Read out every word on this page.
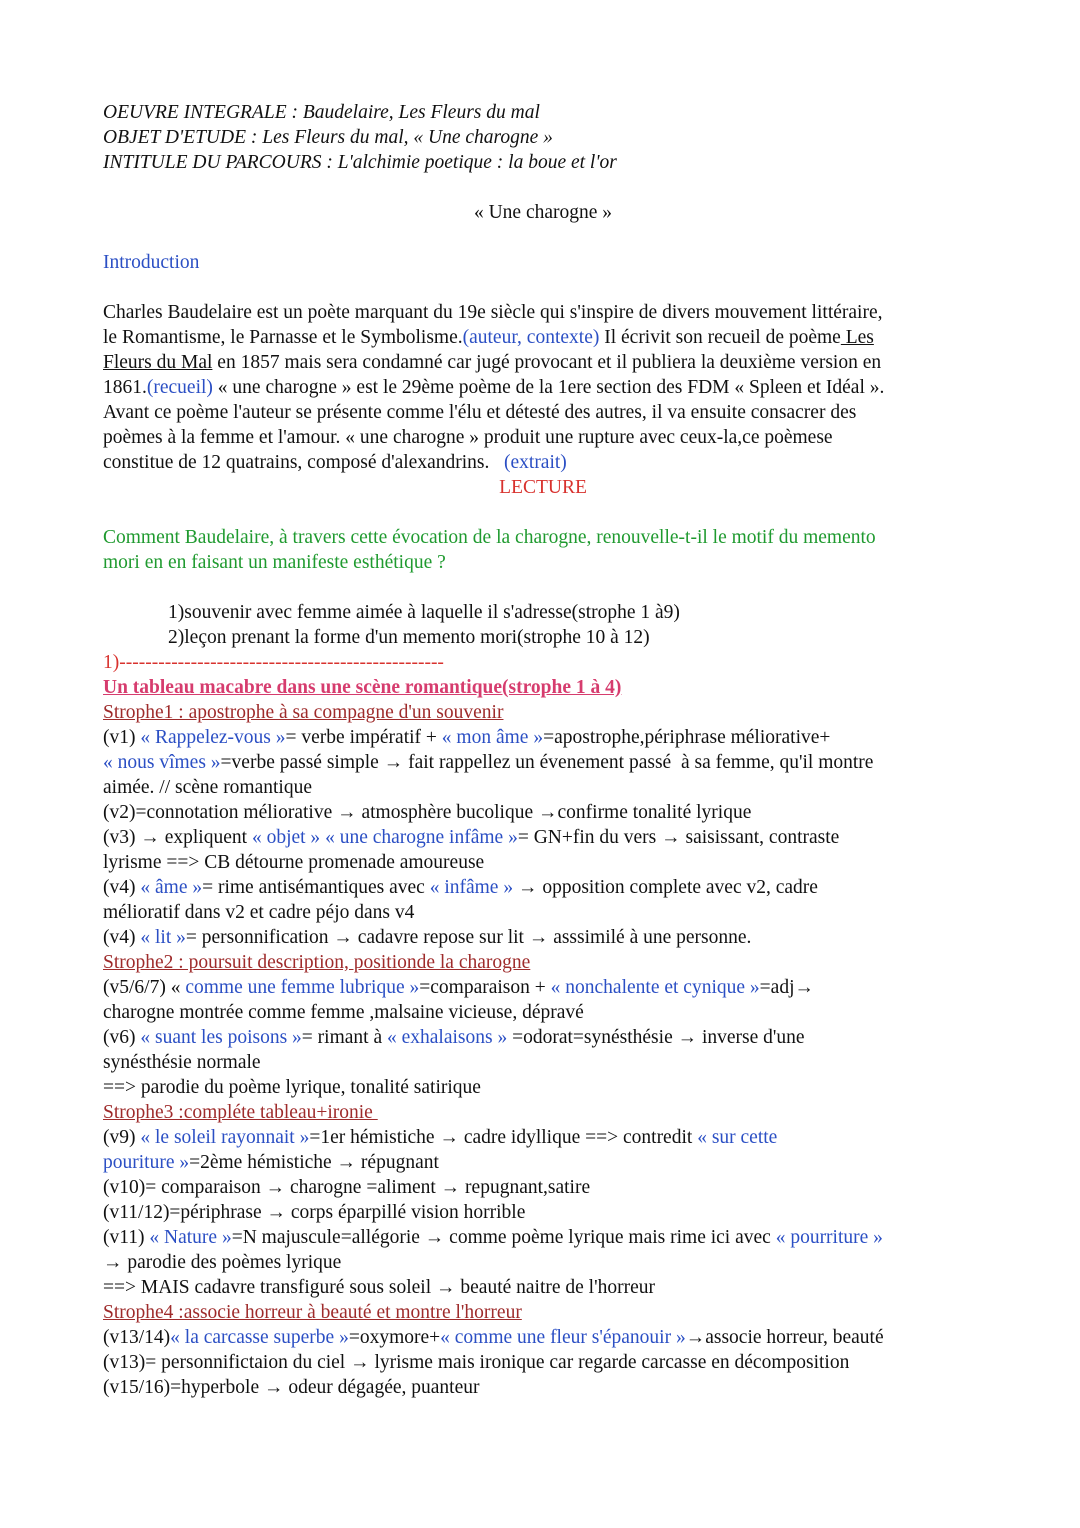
OEUVRE INTEGRALE : Baudelaire, Les Fleurs du mal

OBJET D'ETUDE : Les Fleurs du mal, « Une charogne »

INTITULE DU PARCOURS : L'alchimie poetique : la boue et l'or

« Une charogne »

Introduction

Charles Baudelaire est un poète marquant du 19e siècle qui s'inspire de divers mouvement littéraire,

le Romantisme, le Parnasse et le Symbolisme.(auteur, contexte) Il écrivit son recueil de poème Les

Fleurs du Mal en 1857 mais sera condamné car jugé provocant et il publiera la deuxième version en

1861.(recueil) « une charogne » est le 29ème poème de la 1ere section des FDM « Spleen et Idéal ».

Avant ce poème l'auteur se présente comme l'élu et détesté des autres, il va ensuite consacrer des

poèmes à la femme et l'amour. « une charogne » produit une rupture avec ceux-la,ce poèmese

constitue de 12 quatrains, composé d'alexandrins.   (extrait)

LECTURE

Comment Baudelaire, à travers cette évocation de la charogne, renouvelle-t-il le motif du memento

mori en en faisant un manifeste esthétique ?

1)souvenir avec femme aimée à laquelle il s'adresse(strophe 1 à9)

2)leçon prenant la forme d'un memento mori(strophe 10 à 12)

1)--------------------------------------------------

Un tableau macabre dans une scène romantique(strophe 1 à 4)

Strophe1 : apostrophe à sa compagne d'un souvenir

(v1) « Rappelez-vous »= verbe impératif + « mon âme »=apostrophe,périphrase méliorative+

« nous vîmes »=verbe passé simple → fait rappellez un évenement passé  à sa femme, qu'il montre

aimée. // scène romantique

(v2)=connotation méliorative → atmosphère bucolique →confirme tonalité lyrique

(v3) → expliquent « objet » « une charogne infâme »= GN+fin du vers → saisissant, contraste

lyrisme ==> CB détourne promenade amoureuse

(v4) « âme »= rime antisémantiques avec « infâme » → opposition complete avec v2, cadre

mélioratif dans v2 et cadre péjo dans v4

(v4) « lit »= personnification → cadavre repose sur lit → asssimilé à une personne.

Strophe2 : poursuit description, positionde la charogne

(v5/6/7) « comme une femme lubrique »=comparaison + « nonchalente et cynique »=adj→

charogne montrée comme femme ,malsaine vicieuse, dépravé

(v6) « suant les poisons »= rimant à « exhalaisons » =odorat=synésthésie → inverse d'une

synésthésie normale

==> parodie du poème lyrique, tonalité satirique

Strophe3 :compléte tableau+ironie

(v9) « le soleil rayonnait »=1er hémistiche → cadre idyllique ==> contredit « sur cette

pouriture »=2ème hémistiche → répugnant

(v10)= comparaison → charogne =aliment → repugnant,satire

(v11/12)=périphrase → corps éparpillé vision horrible

(v11) « Nature »=N majuscule=allégorie → comme poème lyrique mais rime ici avec « pourriture »

→ parodie des poèmes lyrique

==> MAIS cadavre transfiguré sous soleil → beauté naitre de l'horreur

Strophe4 :associe horreur à beauté et montre l'horreur

(v13/14)« la carcasse superbe »=oxymore+« comme une fleur s'épanouir »→associe horreur, beauté

(v13)= personnifictaion du ciel → lyrisme mais ironique car regarde carcasse en décomposition

(v15/16)=hyperbole → odeur dégagée, puanteur
